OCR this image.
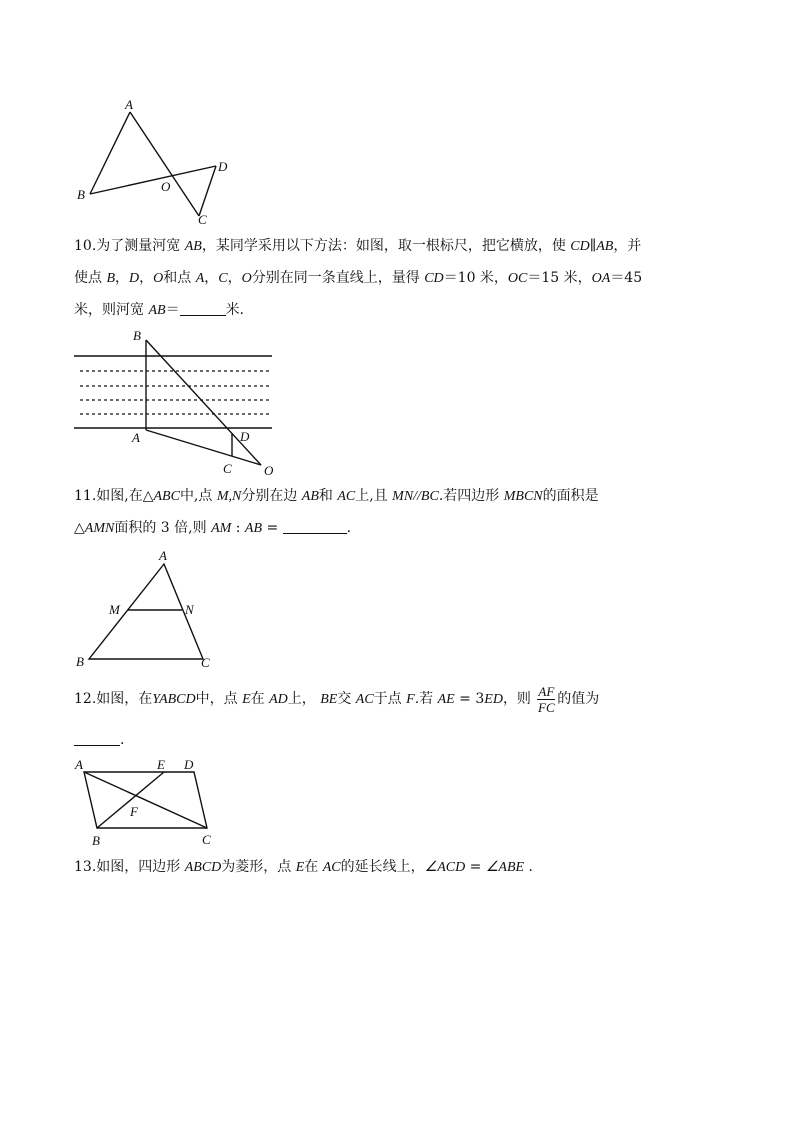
A
B
O
D
C
10.为了测量河宽 AB，某同学采用以下方法：如图，取一根标尺，把它横放，使 CD∥AB，并
使点 B，D，O和点 A，C，O分别在同一条直线上，量得 CD＝10 米，OC＝15 米，OA＝45
米，则河宽 AB＝	米.
B
A	D
C O
11.如图,在△ABC中,点 M,N分别在边 AB和 AC上,且 MN//BC.若四边形 MBCN的面积是
△AMN面积的 3 倍,则 AM : AB =	.
A
M	N
B	C
12.如图，在YABCD中，点 E在 AD上， BE交 AC于点 F.若 AE = 3ED，则 $\frac{AF}{FC}$ 的值为
.
A	E D
F
B	C
13.如图，四边形 ABCD为菱形，点 E在 AC的延长线上，∠ACD = ∠ABE .
